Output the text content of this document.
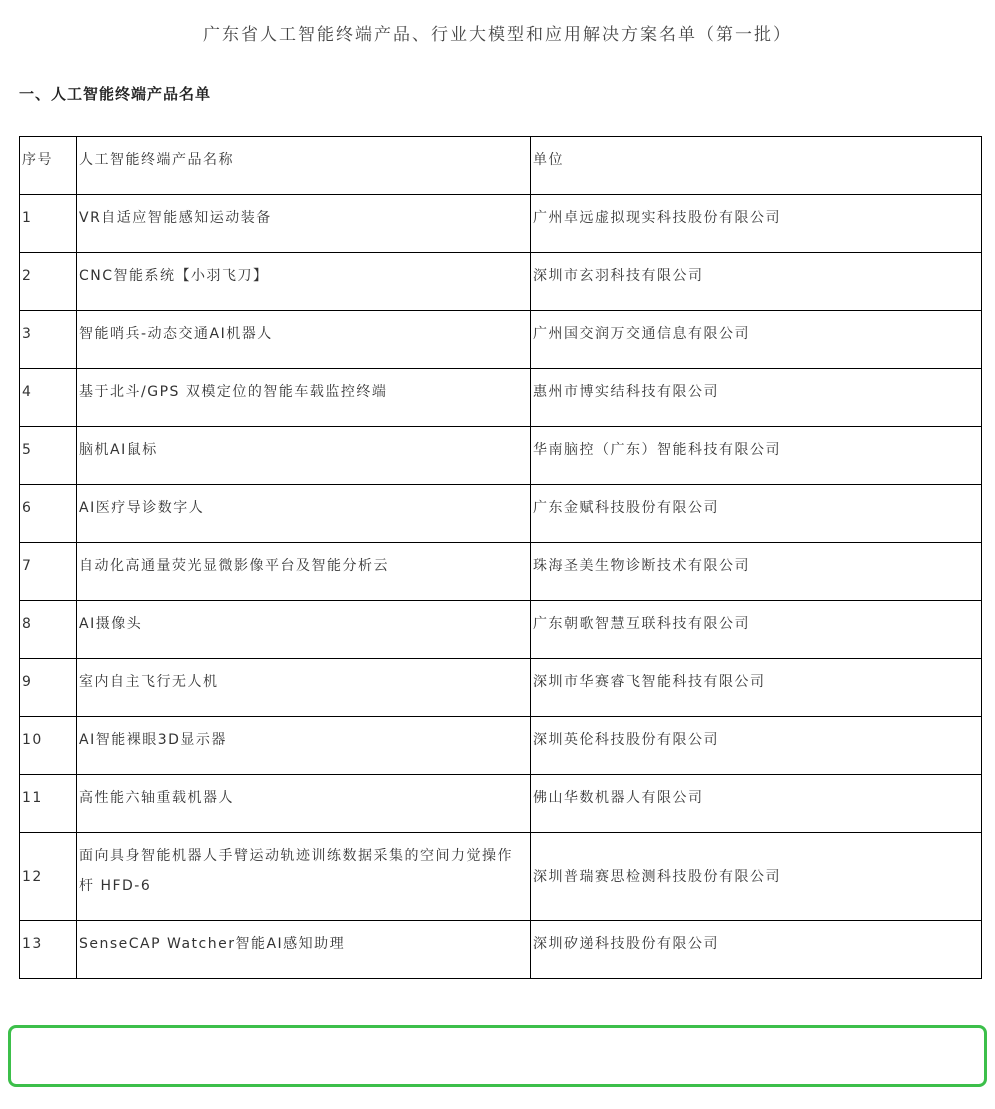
广东省人工智能终端产品、行业大模型和应用解决方案名单（第一批）
一、人工智能终端产品名单
序号	人工智能终端产品名称	单位
1	VR自适应智能感知运动装备	广州卓远虚拟现实科技股份有限公司
2	CNC智能系统【小羽飞刀】	深圳市玄羽科技有限公司
3	智能哨兵-动态交通AI机器人	广州国交润万交通信息有限公司
4	基于北斗/GPS 双模定位的智能车载监控终端	惠州市博实结科技有限公司
5	脑机AI鼠标	华南脑控（广东）智能科技有限公司
6	AI医疗导诊数字人	广东金赋科技股份有限公司
7	自动化高通量荧光显微影像平台及智能分析云	珠海圣美生物诊断技术有限公司
8	AI摄像头	广东朝歌智慧互联科技有限公司
9	室内自主飞行无人机	深圳市华赛睿飞智能科技有限公司
10	AI智能裸眼3D显示器	深圳英伦科技股份有限公司
11	高性能六轴重载机器人	佛山华数机器人有限公司
12	面向具身智能机器人手臂运动轨迹训练数据采集的空间力觉操作杆 HFD-6	深圳普瑞赛思检测科技股份有限公司
13	SenseCAP Watcher智能AI感知助理	深圳矽递科技股份有限公司
